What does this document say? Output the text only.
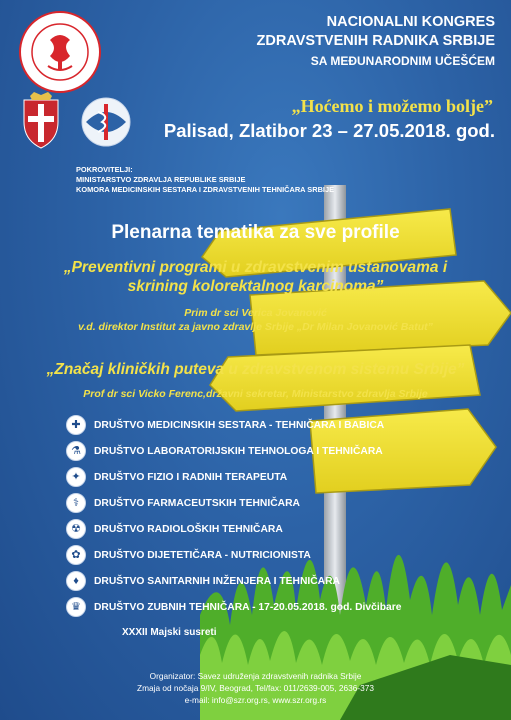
NACIONALNI KONGRES
ZDRAVSTVENIH RADNIKA SRBIJE
SA MEĐUNARODNIM UČEŠĆEM
„Hoćemo i možemo bolje”
Palisad, Zlatibor 23 – 27.05.2018. god.
POKROVITELJI:
MINISTARSTVO ZDRAVLJA REPUBLIKE SRBIJE
KOMORA MEDICINSKIH SESTARA I ZDRAVSTVENIH TEHNIČARA SRBIJE
Plenarna tematika za sve profile
„Preventivni programi u zdravstvenim ustanovama i
skrining kolorektalnog karcinoma”
Prim dr sci Verica Jovanović
v.d. direktor Institut za javno zdravlje Srbije „Dr Milan Jovanović Batut”
„Značaj kliničkih puteva u zdravstvenom sistemu Srbije”
Prof dr sci Vicko Ferenc,državni sekretar, Ministarstvo zdravlja Srbije
✚ DRUŠTVO MEDICINSKIH SESTARA - TEHNIČARA I BABICA
⚗ DRUŠTVO LABORATORIJSKIH TEHNOLOGA I TEHNIČARA
✦ DRUŠTVO FIZIO I RADNIH TERAPEUTA
⚕ DRUŠTVO FARMACEUTSKIH TEHNIČARA
☢ DRUŠTVO RADIOLOŠKIH TEHNIČARA
✿ DRUŠTVO DIJETETIČARA - NUTRICIONISTA
♦ DRUŠTVO SANITARNIH INŽENJERA I TEHNIČARA
♛ DRUŠTVO ZUBNIH TEHNIČARA - 17-20.05.2018. god. Divčibare
XXXII Majski susreti
Organizator: Savez udruženja zdravstvenih radnika Srbije
Zmaja od nočaja 9/IV, Beograd, Tel/fax: 011/2639-005, 2636-373
e-mail: info@szr.org.rs, www.szr.org.rs
